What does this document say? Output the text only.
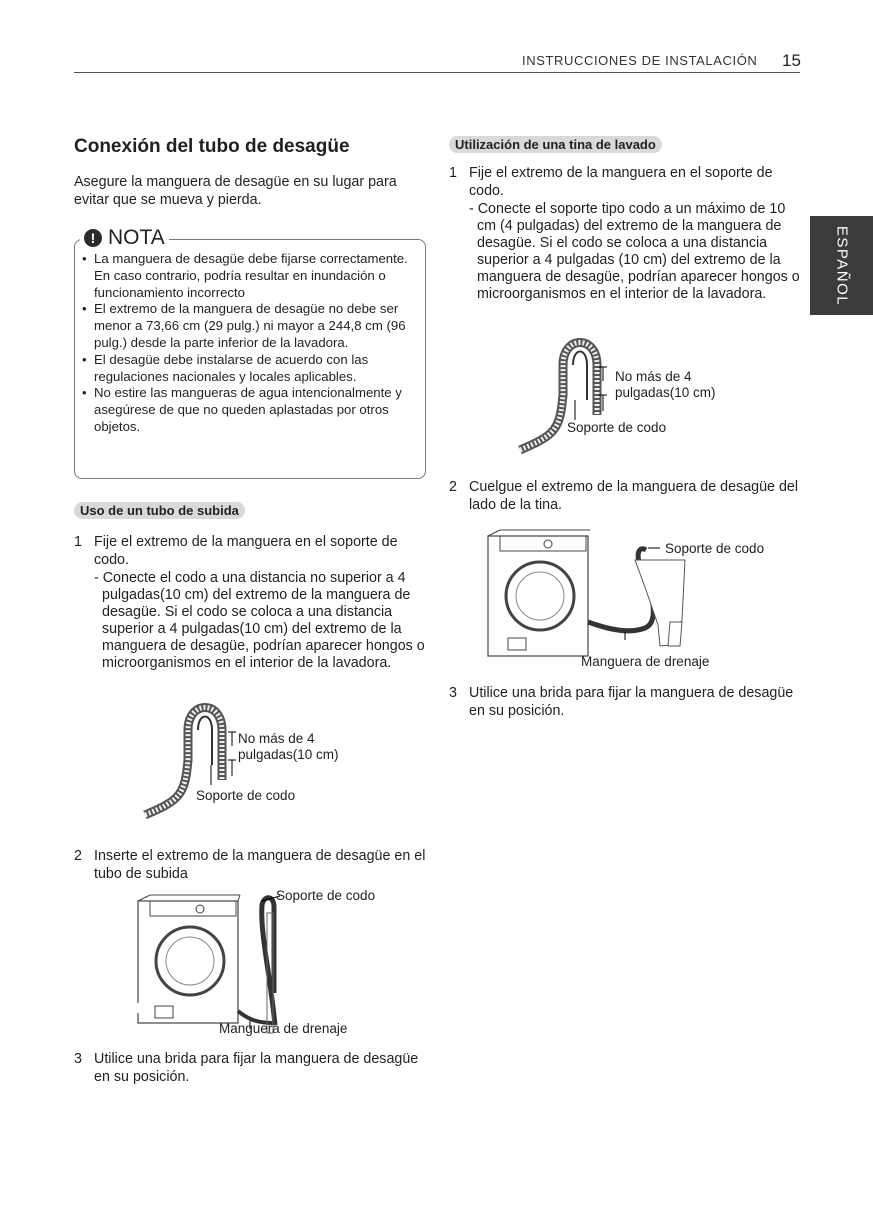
INSTRUCCIONES DE INSTALACIÓN 15
ESPAÑOL
Conexión del tubo de desagüe
Asegure la manguera de desagüe en su lugar para evitar que se mueva y pierda.
! NOTA
• La manguera de desagüe debe fijarse correctamente. En caso contrario, podría resultar en inundación o funcionamiento incorrecto
• El extremo de la manguera de desagüe no debe ser menor a 73,66 cm (29 pulg.) ni mayor a 244,8 cm (96 pulg.) desde la parte inferior de la lavadora.
• El desagüe debe instalarse de acuerdo con las regulaciones nacionales y locales aplicables.
• No estire las mangueras de agua intencionalmente y asegúrese de que no queden aplastadas por otros objetos.
Uso de un tubo de subida
1 Fije el extremo de la manguera en el soporte de codo.
- Conecte el codo a una distancia no superior a 4 pulgadas(10 cm) del extremo de la manguera de desagüe. Si el codo se coloca a una distancia superior a 4 pulgadas(10 cm) del extremo de la manguera de desagüe, podrían aparecer hongos o microorganismos en el interior de la lavadora.
No más de 4
pulgadas(10 cm)
Soporte de codo
2 Inserte el extremo de la manguera de desagüe en el tubo de subida
Soporte de codo
Manguera de drenaje
3 Utilice una brida para fijar la manguera de desagüe en su posición.
Utilización de una tina de lavado
1 Fije el extremo de la manguera en el soporte de codo.
- Conecte el soporte tipo codo a un máximo de 10 cm (4 pulgadas) del extremo de la manguera de desagüe. Si el codo se coloca a una distancia superior a 4 pulgadas (10 cm) del extremo de la manguera de desagüe, podrían aparecer hongos o microorganismos en el interior de la lavadora.
No más de 4
pulgadas(10 cm)
Soporte de codo
2 Cuelgue el extremo de la manguera de desagüe del lado de la tina.
Soporte de codo
Manguera de drenaje
3 Utilice una brida para fijar la manguera de desagüe en su posición.
